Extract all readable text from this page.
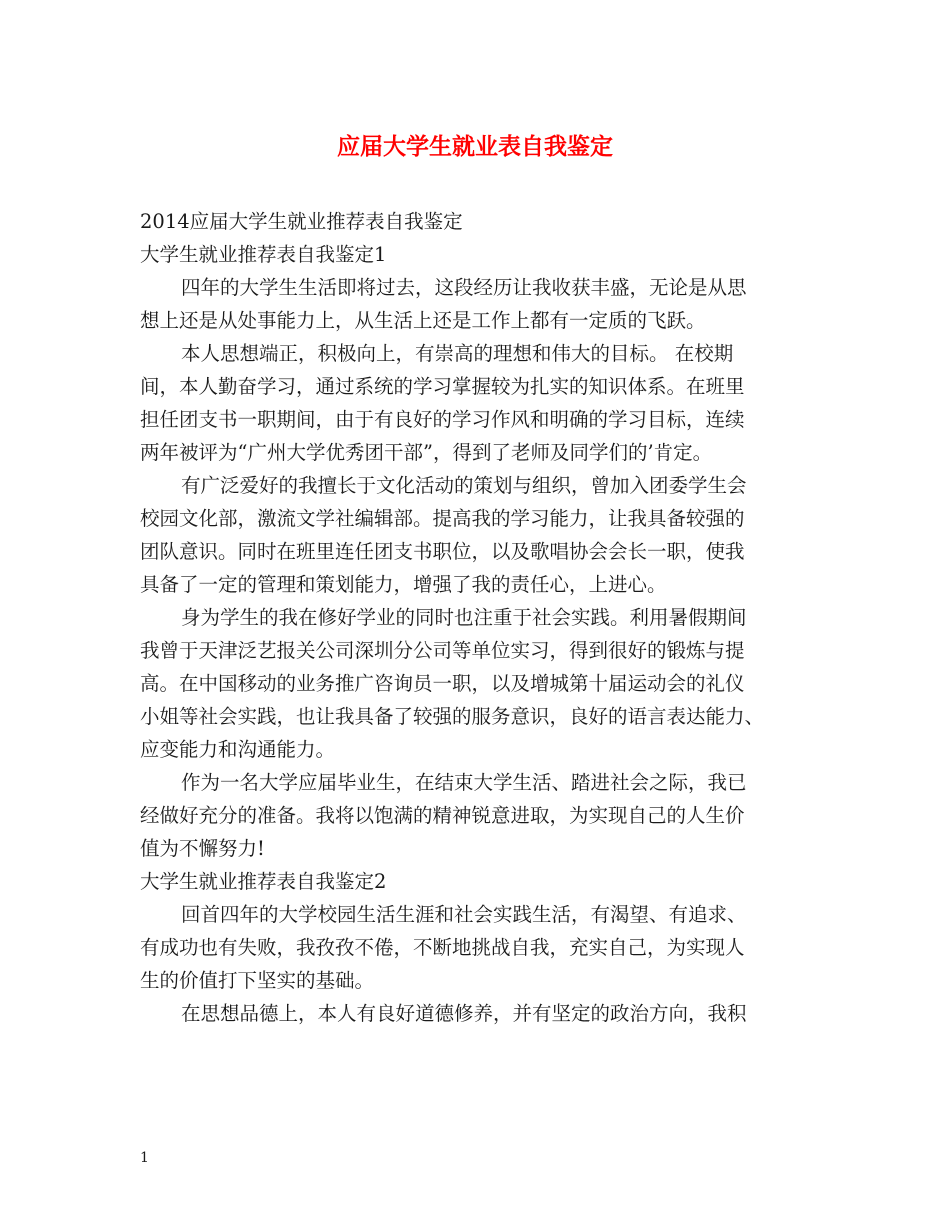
应届大学生就业表自我鉴定
2014应届大学生就业推荐表自我鉴定
大学生就业推荐表自我鉴定1
四年的大学生生活即将过去，这段经历让我收获丰盛，无论是从思
想上还是从处事能力上，从生活上还是工作上都有一定质的飞跃。
本人思想端正，积极向上，有崇高的理想和伟大的目标。 在校期
间，本人勤奋学习，通过系统的学习掌握较为扎实的知识体系。在班里
担任团支书一职期间，由于有良好的学习作风和明确的学习目标，连续
两年被评为“广州大学优秀团干部”，得到了老师及同学们的’肯定。
有广泛爱好的我擅长于文化活动的策划与组织，曾加入团委学生会
校园文化部，激流文学社编辑部。提高我的学习能力，让我具备较强的
团队意识。同时在班里连任团支书职位，以及歌唱协会会长一职，使我
具备了一定的管理和策划能力，增强了我的责任心，上进心。
身为学生的我在修好学业的同时也注重于社会实践。利用暑假期间
我曾于天津泛艺报关公司深圳分公司等单位实习，得到很好的锻炼与提
高。在中国移动的业务推广咨询员一职，以及增城第十届运动会的礼仪
小姐等社会实践，也让我具备了较强的服务意识，良好的语言表达能力、
应变能力和沟通能力。
作为一名大学应届毕业生，在结束大学生活、踏进社会之际，我已
经做好充分的准备。我将以饱满的精神锐意进取，为实现自己的人生价
值为不懈努力!
大学生就业推荐表自我鉴定2
回首四年的大学校园生活生涯和社会实践生活，有渴望、有追求、
有成功也有失败，我孜孜不倦，不断地挑战自我，充实自己，为实现人
生的价值打下坚实的基础。
在思想品德上，本人有良好道德修养，并有坚定的政治方向，我积
1
